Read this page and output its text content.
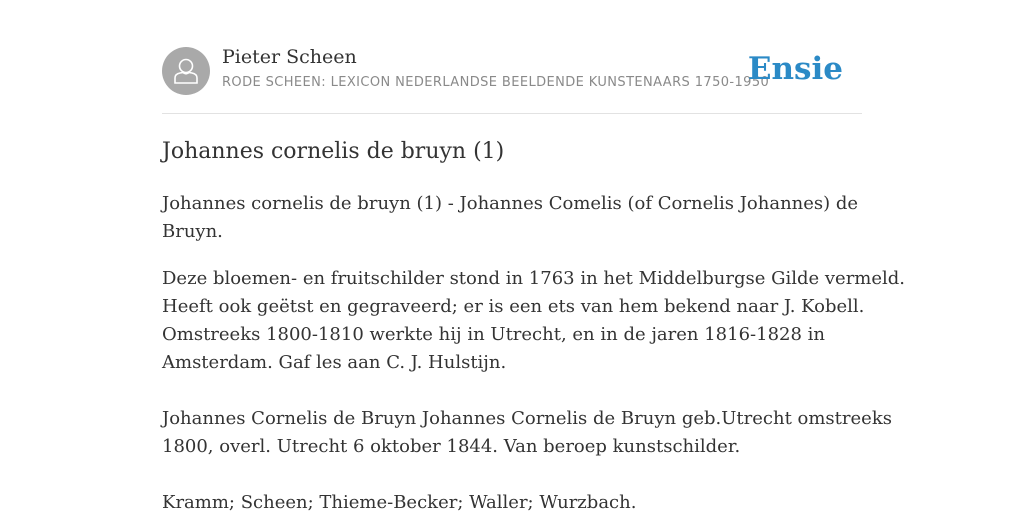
Pieter Scheen
RODE SCHEEN: LEXICON NEDERLANDSE BEELDENDE KUNSTENAARS 1750-1950
Ensie
Johannes cornelis de bruyn (1)

Johannes cornelis de bruyn (1) - Johannes Comelis (of Cornelis Johannes) de Bruyn.

Deze bloemen- en fruitschilder stond in 1763 in het Middelburgse Gilde vermeld.
Heeft ook geëtst en gegraveerd; er is een ets van hem bekend naar J. Kobell.
Omstreeks 1800-1810 werkte hij in Utrecht, en in de jaren 1816-1828 in
Amsterdam. Gaf les aan C. J. Hulstijn.
Johannes Cornelis de Bruyn Johannes Cornelis de Bruyn geb.Utrecht omstreeks
1800, overl. Utrecht 6 oktober 1844. Van beroep kunstschilder.
Kramm; Scheen; Thieme-Becker; Waller; Wurzbach.
